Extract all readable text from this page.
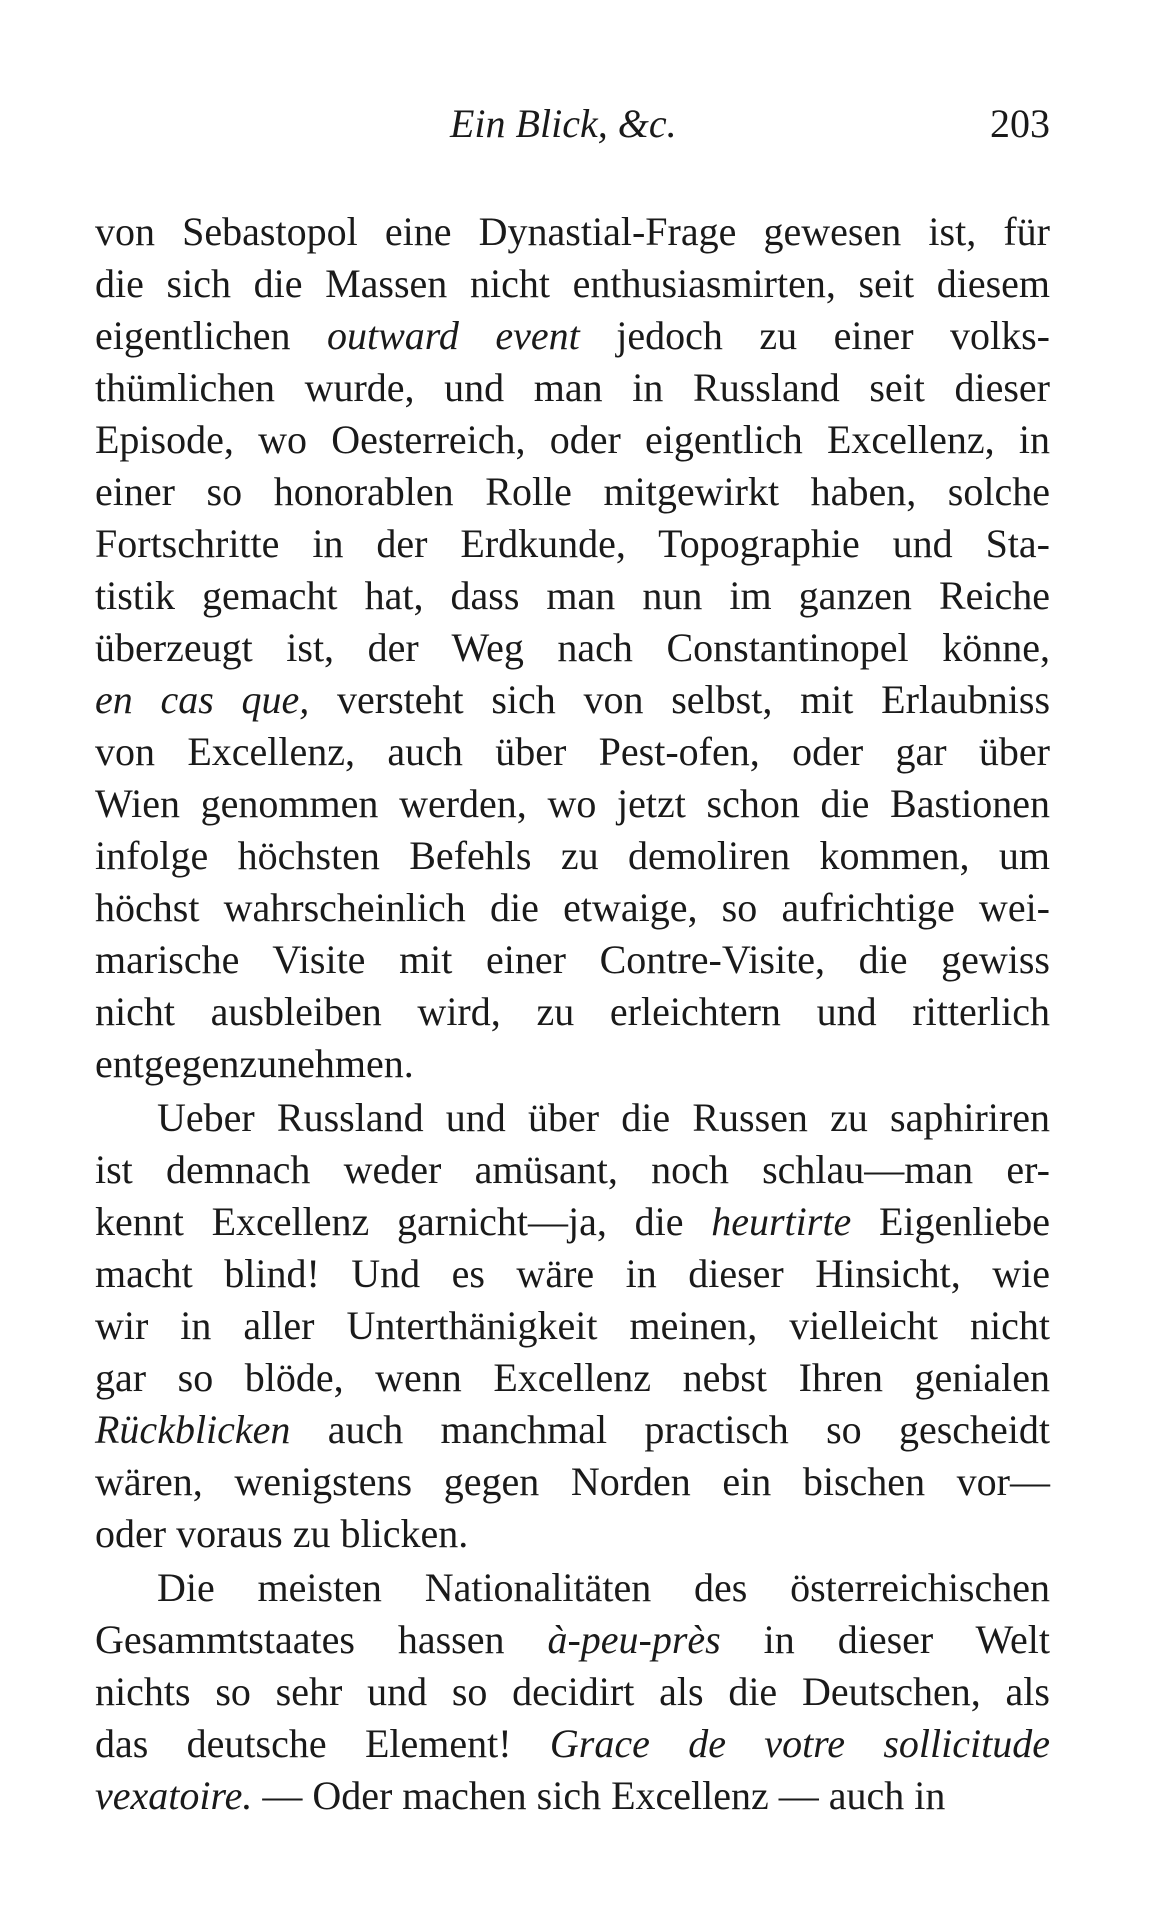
Ein Blick, &c.	203
von Sebastopol eine Dynastial-Frage gewesen ist, für
die sich die Massen nicht enthusiasmirten, seit diesem
eigentlichen outward event jedoch zu einer volks-
thümlichen wurde, und man in Russland seit dieser
Episode, wo Oesterreich, oder eigentlich Excellenz, in
einer so honorablen Rolle mitgewirkt haben, solche
Fortschritte in der Erdkunde, Topographie und Sta-
tistik gemacht hat, dass man nun im ganzen Reiche
überzeugt ist, der Weg nach Constantinopel könne,
en cas que, versteht sich von selbst, mit Erlaubniss
von Excellenz, auch über Pest-ofen, oder gar über
Wien genommen werden, wo jetzt schon die Bastionen
infolge höchsten Befehls zu demoliren kommen, um
höchst wahrscheinlich die etwaige, so aufrichtige wei-
marische Visite mit einer Contre-Visite, die gewiss
nicht ausbleiben wird, zu erleichtern und ritterlich
entgegenzunehmen.
Ueber Russland und über die Russen zu saphiriren
ist demnach weder amüsant, noch schlau—man er-
kennt Excellenz garnicht—ja, die heurtirte Eigenliebe
macht blind! Und es wäre in dieser Hinsicht, wie
wir in aller Unterthänigkeit meinen, vielleicht nicht
gar so blöde, wenn Excellenz nebst Ihren genialen
Rückblicken auch manchmal practisch so gescheidt
wären, wenigstens gegen Norden ein bischen vor—
oder voraus zu blicken.
Die meisten Nationalitäten des österreichischen
Gesammtstaates hassen à-peu-près in dieser Welt
nichts so sehr und so decidirt als die Deutschen, als
das deutsche Element! Grace de votre sollicitude
vexatoire. — Oder machen sich Excellenz — auch in
